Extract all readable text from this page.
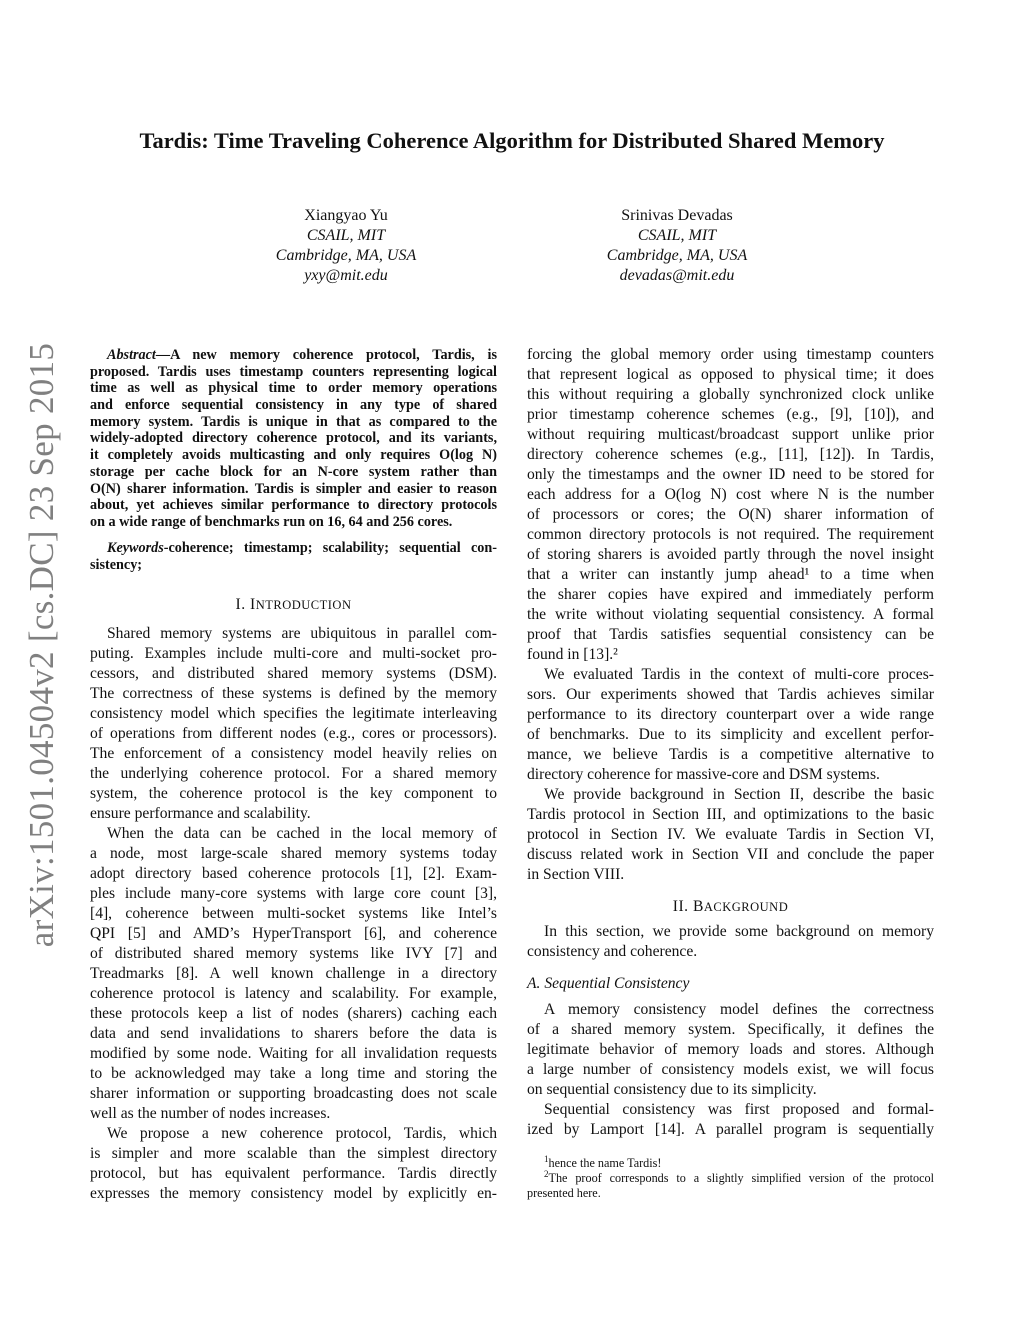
arXiv:1501.04504v2 [cs.DC] 23 Sep 2015
Tardis: Time Traveling Coherence Algorithm for Distributed Shared Memory
Xiangyao Yu
CSAIL, MIT
Cambridge, MA, USA
yxy@mit.edu
Srinivas Devadas
CSAIL, MIT
Cambridge, MA, USA
devadas@mit.edu
Abstract—A new memory coherence protocol, Tardis, is
proposed. Tardis uses timestamp counters representing logical
time as well as physical time to order memory operations
and enforce sequential consistency in any type of shared
memory system. Tardis is unique in that as compared to the
widely-adopted directory coherence protocol, and its variants,
it completely avoids multicasting and only requires O(log N)
storage per cache block for an N-core system rather than
O(N) sharer information. Tardis is simpler and easier to reason
about, yet achieves similar performance to directory protocols
on a wide range of benchmarks run on 16, 64 and 256 cores.
Keywords-coherence; timestamp; scalability; sequential con-
sistency;
I. INTRODUCTION
Shared memory systems are ubiquitous in parallel com-
puting. Examples include multi-core and multi-socket pro-
cessors, and distributed shared memory systems (DSM).
The correctness of these systems is defined by the memory
consistency model which specifies the legitimate interleaving
of operations from different nodes (e.g., cores or processors).
The enforcement of a consistency model heavily relies on
the underlying coherence protocol. For a shared memory
system, the coherence protocol is the key component to
ensure performance and scalability.
When the data can be cached in the local memory of
a node, most large-scale shared memory systems today
adopt directory based coherence protocols [1], [2]. Exam-
ples include many-core systems with large core count [3],
[4], coherence between multi-socket systems like Intel’s
QPI [5] and AMD’s HyperTransport [6], and coherence
of distributed shared memory systems like IVY [7] and
Treadmarks [8]. A well known challenge in a directory
coherence protocol is latency and scalability. For example,
these protocols keep a list of nodes (sharers) caching each
data and send invalidations to sharers before the data is
modified by some node. Waiting for all invalidation requests
to be acknowledged may take a long time and storing the
sharer information or supporting broadcasting does not scale
well as the number of nodes increases.
We propose a new coherence protocol, Tardis, which
is simpler and more scalable than the simplest directory
protocol, but has equivalent performance. Tardis directly
expresses the memory consistency model by explicitly en-
forcing the global memory order using timestamp counters
that represent logical as opposed to physical time; it does
this without requiring a globally synchronized clock unlike
prior timestamp coherence schemes (e.g., [9], [10]), and
without requiring multicast/broadcast support unlike prior
directory coherence schemes (e.g., [11], [12]). In Tardis,
only the timestamps and the owner ID need to be stored for
each address for a O(log N) cost where N is the number
of processors or cores; the O(N) sharer information of
common directory protocols is not required. The requirement
of storing sharers is avoided partly through the novel insight
that a writer can instantly jump ahead¹ to a time when
the sharer copies have expired and immediately perform
the write without violating sequential consistency. A formal
proof that Tardis satisfies sequential consistency can be
found in [13].²
We evaluated Tardis in the context of multi-core proces-
sors. Our experiments showed that Tardis achieves similar
performance to its directory counterpart over a wide range
of benchmarks. Due to its simplicity and excellent perfor-
mance, we believe Tardis is a competitive alternative to
directory coherence for massive-core and DSM systems.
We provide background in Section II, describe the basic
Tardis protocol in Section III, and optimizations to the basic
protocol in Section IV. We evaluate Tardis in Section VI,
discuss related work in Section VII and conclude the paper
in Section VIII.
II. BACKGROUND
In this section, we provide some background on memory
consistency and coherence.
A. Sequential Consistency
A memory consistency model defines the correctness
of a shared memory system. Specifically, it defines the
legitimate behavior of memory loads and stores. Although
a large number of consistency models exist, we will focus
on sequential consistency due to its simplicity.
Sequential consistency was first proposed and formal-
ized by Lamport [14]. A parallel program is sequentially
$^1$hence the name Tardis!
$^2$The proof corresponds to a slightly simplified version of the protocol
presented here.
